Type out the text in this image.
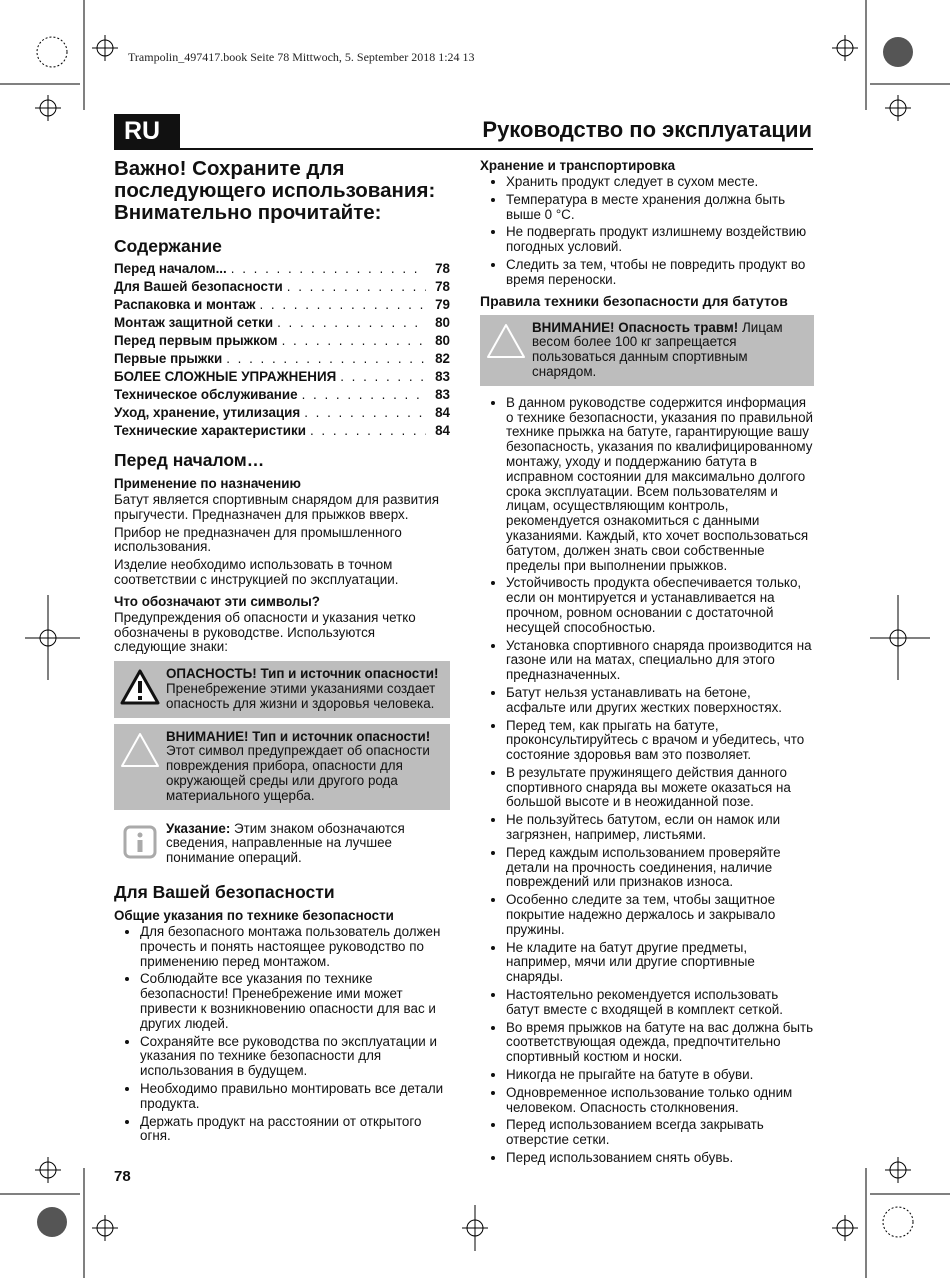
Trampolin_497417.book Seite 78 Mittwoch, 5. September 2018 1:24 13
RU	Руководство по эксплуатации
Важно! Сохраните для последующего использования: Внимательно прочитайте:
Содержание
Перед началом... . . .	78
Для Вашей безопасности . . .	78
Распаковка и монтаж . . .	79
Монтаж защитной сетки . . .	80
Перед первым прыжком . . .	80
Первые прыжки . . .	82
БОЛЕЕ СЛОЖНЫЕ УПРАЖНЕНИЯ . . .	83
Техническое обслуживание . . .	83
Уход, хранение, утилизация . . .	84
Технические характеристики . . .	84
Перед началом…
Применение по назначению

Батут является спортивным снарядом для развития прыгучести. Предназначен для прыжков вверх.

Прибор не предназначен для промышленного использования.

Изделие необходимо использовать в точном соответствии с инструкцией по эксплуатации.

Что обозначают эти символы?

Предупреждения об опасности и указания четко обозначены в руководстве. Используются следующие знаки:

ОПАСНОСТЬ! Тип и источник опасности! Пренебрежение этими указаниями создает опасность для жизни и здоровья человека.
ВНИМАНИЕ! Тип и источник опасности! Этот символ предупреждает об опасности повреждения прибора, опасности для окружающей среды или другого рода материального ущерба.
Указание: Этим знаком обозначаются сведения, направленные на лучшее понимание операций.
Для Вашей безопасности
Общие указания по технике безопасности
• Для безопасного монтажа пользователь должен прочесть и понять настоящее руководство по применению перед монтажом.
• Соблюдайте все указания по технике безопасности! Пренебрежение ими может привести к возникновению опасности для вас и других людей.
• Сохраняйте все руководства по эксплуатации и указания по технике безопасности для использования в будущем.
• Необходимо правильно монтировать все детали продукта.
• Держать продукт на расстоянии от открытого огня.
Хранение и транспортировка
• Хранить продукт следует в сухом месте.
• Температура в месте хранения должна быть выше 0 °C.
• Не подвергать продукт излишнему воздействию погодных условий.
• Следить за тем, чтобы не повредить продукт во время переноски.
Правила техники безопасности для батутов
ВНИМАНИЕ! Опасность травм! Лицам весом более 100 кг запрещается пользоваться данным спортивным снарядом.
• В данном руководстве содержится информация о технике безопасности, указания по правильной технике прыжка на батуте, гарантирующие вашу безопасность, указания по квалифицированному монтажу, уходу и поддержанию батута в исправном состоянии для максимально долгого срока эксплуатации. Всем пользователям и лицам, осуществляющим контроль, рекомендуется ознакомиться с данными указаниями. Каждый, кто хочет воспользоваться батутом, должен знать свои собственные пределы при выполнении прыжков.
• Устойчивость продукта обеспечивается только, если он монтируется и устанавливается на прочном, ровном основании с достаточной несущей способностью.
• Установка спортивного снаряда производится на газоне или на матах, специально для этого предназначенных.
• Батут нельзя устанавливать на бетоне, асфальте или других жестких поверхностях.
• Перед тем, как прыгать на батуте, проконсультируйтесь с врачом и убедитесь, что состояние здоровья вам это позволяет.
• В результате пружинящего действия данного спортивного снаряда вы можете оказаться на большой высоте и в неожиданной позе.
• Не пользуйтесь батутом, если он намок или загрязнен, например, листьями.
• Перед каждым использованием проверяйте детали на прочность соединения, наличие повреждений или признаков износа.
• Особенно следите за тем, чтобы защитное покрытие надежно держалось и закрывало пружины.
• Не кладите на батут другие предметы, например, мячи или другие спортивные снаряды.
• Настоятельно рекомендуется использовать батут вместе с входящей в комплект сеткой.
• Во время прыжков на батуте на вас должна быть соответствующая одежда, предпочтительно спортивный костюм и носки.
• Никогда не прыгайте на батуте в обуви.
• Одновременное использование только одним человеком. Опасность столкновения.
• Перед использованием всегда закрывать отверстие сетки.
• Перед использованием снять обувь.
78
